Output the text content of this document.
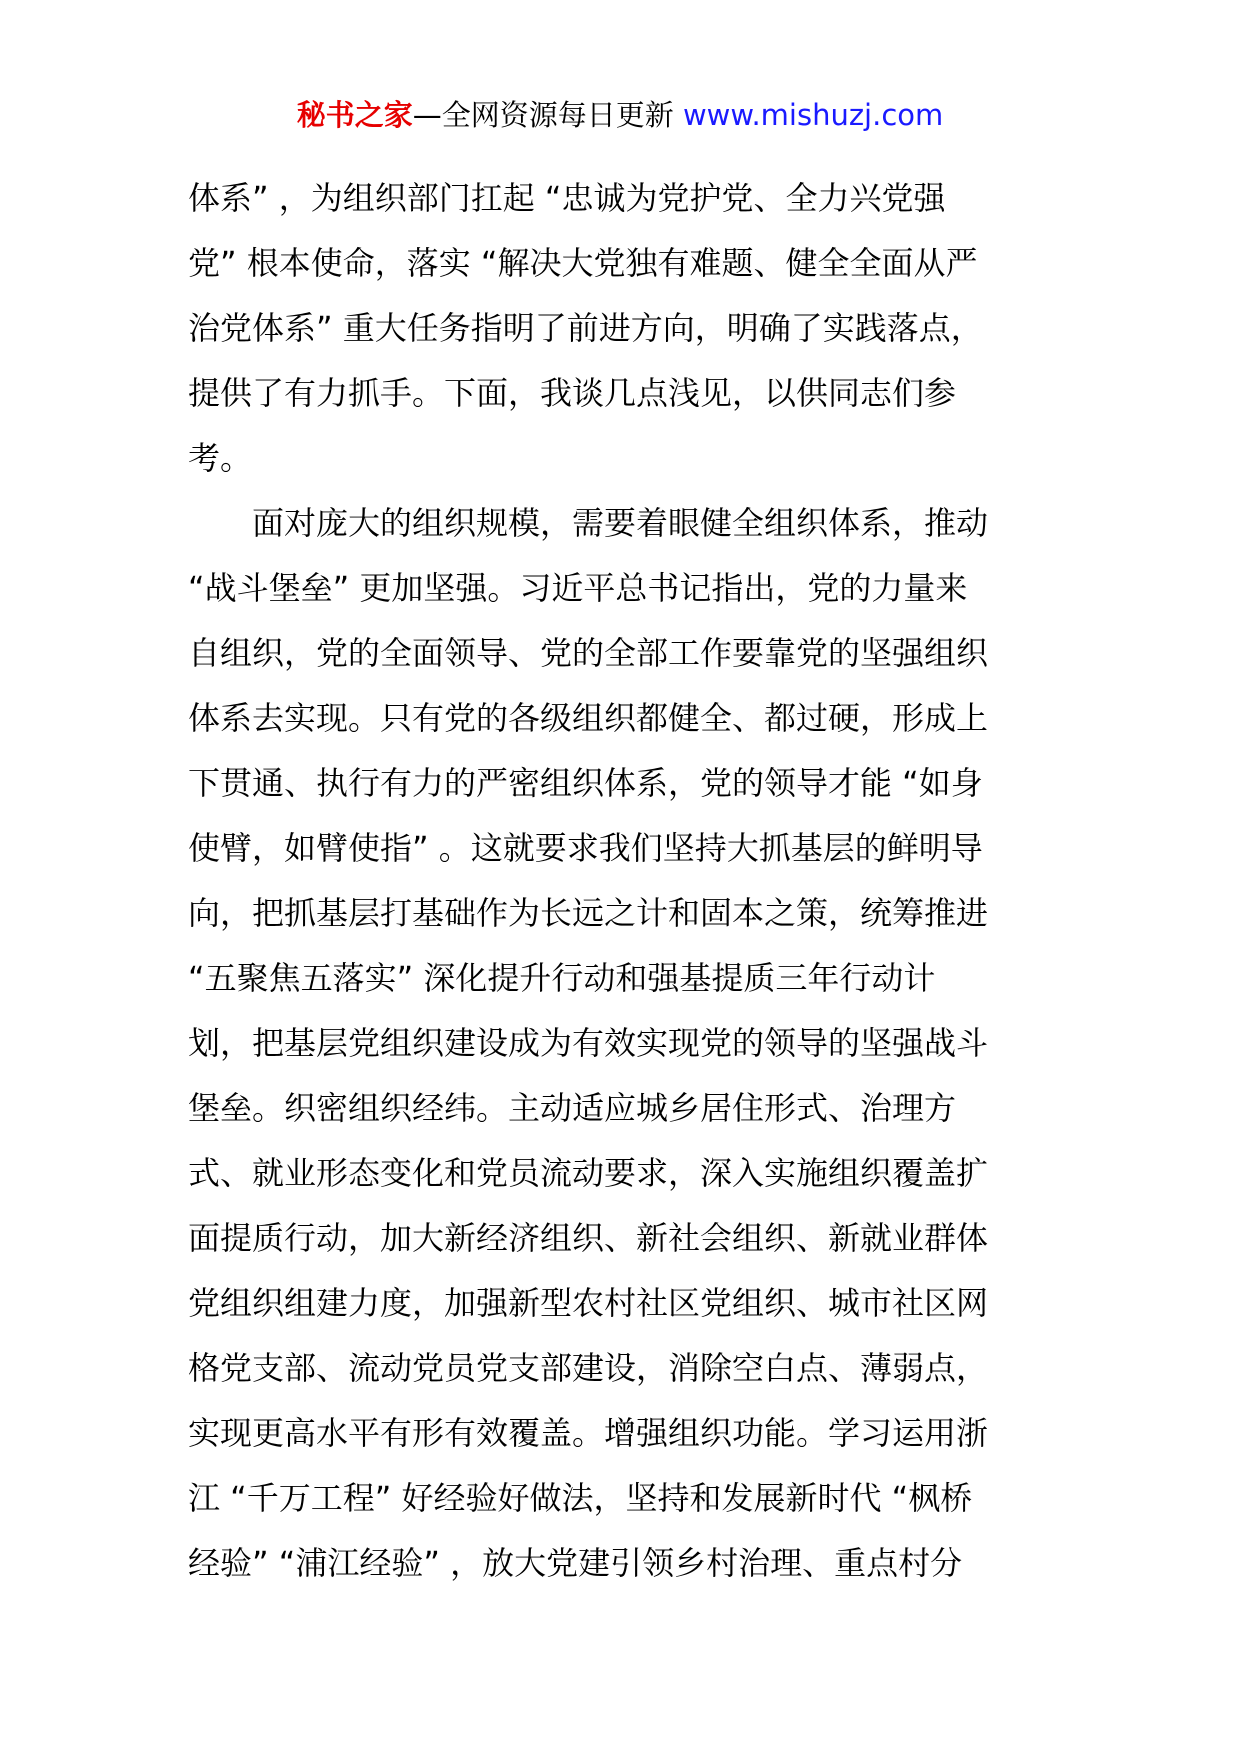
秘书之家—全网资源每日更新 www.mishuzj.com
体系” ，为组织部门扛起 “忠诚为党护党、全力兴党强
党” 根本使命，落实 “解决大党独有难题、健全全面从严
治党体系” 重大任务指明了前进方向，明确了实践落点，
提供了有力抓手。下面，我谈几点浅见，以供同志们参
考。
　　面对庞大的组织规模，需要着眼健全组织体系，推动
“战斗堡垒” 更加坚强。习近平总书记指出，党的力量来
自组织，党的全面领导、党的全部工作要靠党的坚强组织
体系去实现。只有党的各级组织都健全、都过硬，形成上
下贯通、执行有力的严密组织体系，党的领导才能 “如身
使臂，如臂使指” 。这就要求我们坚持大抓基层的鲜明导
向，把抓基层打基础作为长远之计和固本之策，统筹推进
“五聚焦五落实” 深化提升行动和强基提质三年行动计
划，把基层党组织建设成为有效实现党的领导的坚强战斗
堡垒。织密组织经纬。主动适应城乡居住形式、治理方
式、就业形态变化和党员流动要求，深入实施组织覆盖扩
面提质行动，加大新经济组织、新社会组织、新就业群体
党组织组建力度，加强新型农村社区党组织、城市社区网
格党支部、流动党员党支部建设，消除空白点、薄弱点，
实现更高水平有形有效覆盖。增强组织功能。学习运用浙
江 “千万工程” 好经验好做法，坚持和发展新时代 “枫桥
经验” “浦江经验” ，放大党建引领乡村治理、重点村分
